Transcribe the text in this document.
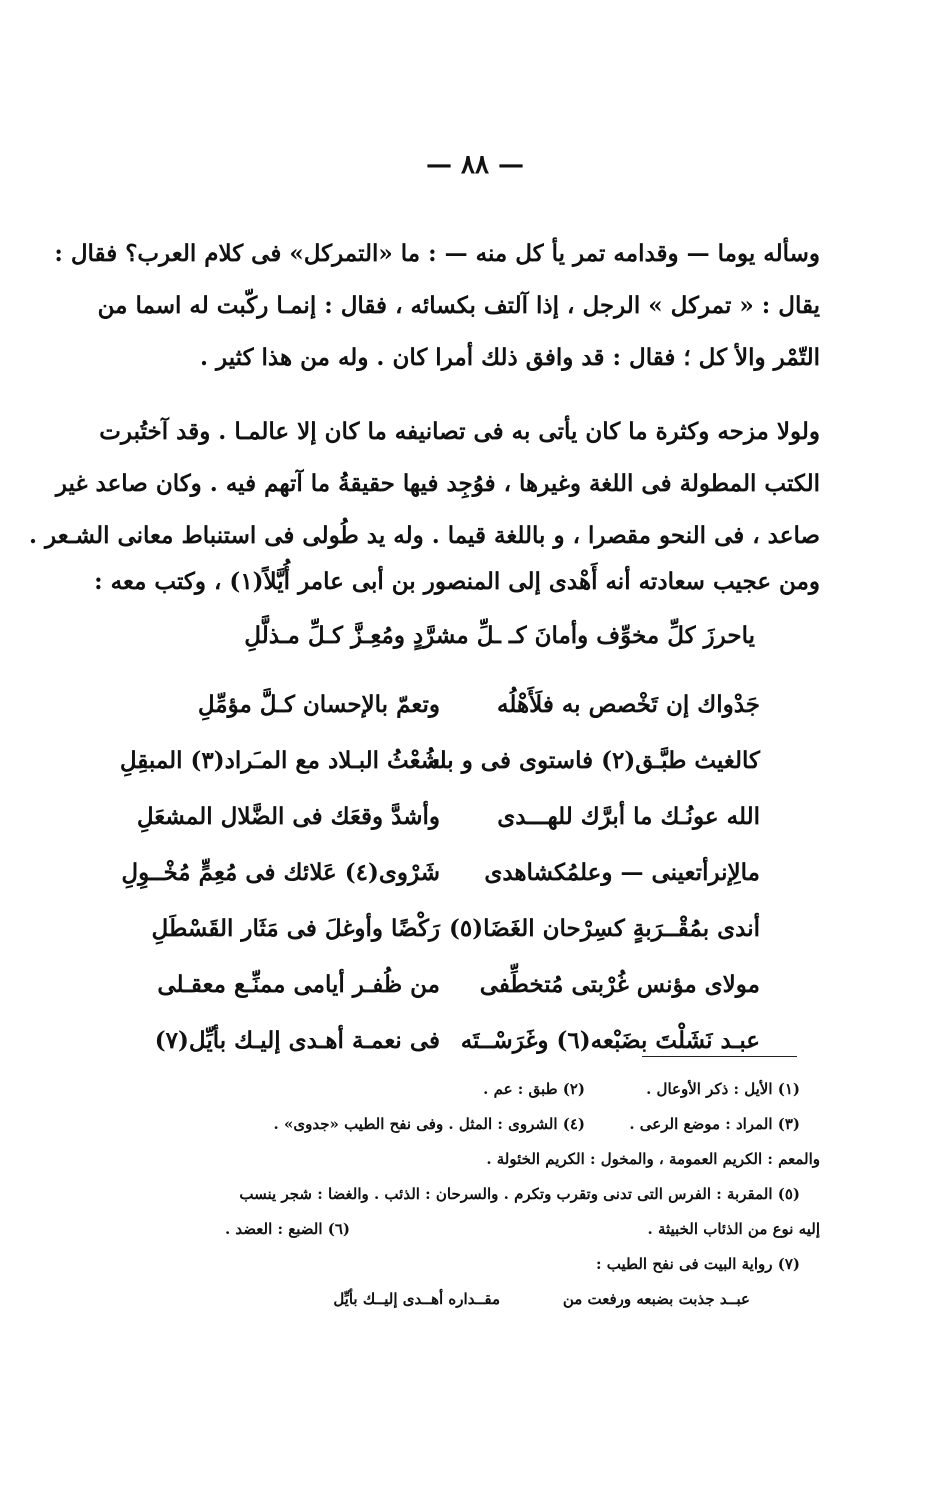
— ٨٨ —
وسأله يوما — وقدامه تمر يأ كل منه — : ما «التمركل» فى كلام العرب؟ فقال :
يقال : « تمركل » الرجل ، إذا آلتف بكسائه ، فقال : إنمـا ركّبت له اسما من
التّمْر والأ كل ؛ فقال : قد وافق ذلك أمرا كان . وله من هذا كثير .
ولولا مزحه وكثرة ما كان يأتى به فى تصانيفه ما كان إلا عالمـا . وقد آختُبرت
الكتب المطولة فى اللغة وغيرها ، فوُجِد فيها حقيقةُ ما آتهم فيه . وكان صاعد غير
صاعد ، فى النحو مقصرا ، و باللغة قيما . وله يد طُولى فى استنباط معانى الشـعر .
ومن عجيب سعادته أنه أَهْدى إلى المنصور بن أبى عامر أُيَّلاً(١) ، وكتب معه :
ياحرزَ كلِّ مخوِّف وأمانَ كـ ـلِّ مشرَّدٍ ومُعِـزَّ كـلِّ مـذلَّلِ
جَدْواك إن تَخْصص به فلَأَهْلُه
وتعمّ بالإحسان كـلَّ مؤمِّلِ
كالغيث طبَّـق(٢) فاستوى فى و بله
شُعْثُ البـلاد مع المـَراد(٣) المبقِلِ
الله عونُـك ما أبرَّك للهـــدى
وأشدَّ وقعَك فى الضَّلال المشعَلِ
مالِإنرأتعينى — وعلمُكشاهدى
شَرْوى(٤) عَلائك فى مُعِمٍّ مُخْــوِلِ
أندى بمُقْــرَبةٍ كسِرْحان الغَضَا(٥)
رَكْضًا وأوغلَ فى مَثَار القَسْطَلِ
مولاى مؤنس غُرْبتى مُتخطِّفى
من ظُفـر أيامى ممنِّـع معقـلى
عبـد نَشَلْتَ بضَبْعه(٦) وغَرَسْــتَه
فى نعمـة أهـدى إليـك بأيِّل(٧)
(١) الأيل : ذكر الأوعال .
(٢) طبق : عم .
(٣) المراد : موضع الرعى .
(٤) الشروى : المثل . وفى نفح الطيب «جدوى» .
والمعم : الكريم العمومة ، والمخول : الكريم الخئولة .
(٥) المقربة : الفرس التى تدنى وتقرب وتكرم . والسرحان : الذئب . والغضا : شجر ينسب
إليه نوع من الذئاب الخبيثة .
(٦) الضبع : العضد .
(٧) رواية البيت فى نفح الطيب :
عبــد جذبت بضبعه ورفعت من
مقــداره أهــدى إليــك بأيِّل
